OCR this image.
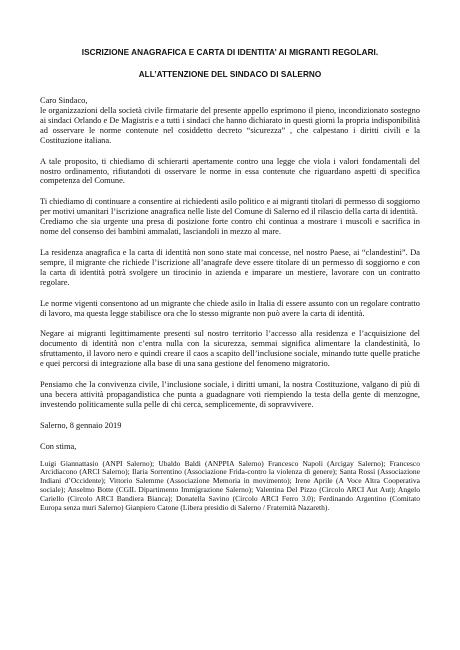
ISCRIZIONE ANAGRAFICA E CARTA DI IDENTITA’ AI MIGRANTI REGOLARI.

ALL’ATTENZIONE DEL SINDACO DI SALERNO

Caro Sindaco,

le organizzazioni della società civile firmatarie del presente appello esprimono il pieno, incondizionato sostegno ai sindaci Orlando e De Magistris e a tutti i sindaci che hanno dichiarato in questi giorni la propria indisponibilità ad osservare le norme contenute nel cosiddetto decreto “sicurezza” , che calpestano i diritti civili e la Costituzione italiana.

A tale proposito, ti chiediamo di schierarti apertamente contro una legge che viola i valori fondamentali del nostro ordinamento, rifiutandoti di osservare le norme in essa contenute che riguardano aspetti di specifica competenza del Comune.

Ti chiediamo di continuare a consentire ai richiedenti asilo politico e ai migranti titolari di permesso di soggiorno per motivi umanitari l’iscrizione anagrafica nelle liste del Comune di Salerno ed il rilascio della carta di identità.

Crediamo che sia urgente una presa di posizione forte contro chi continua a mostrare i muscoli e sacrifica in nome del consenso dei bambini ammalati, lasciandoli in mezzo al mare.

La residenza anagrafica e la carta di identità non sono state mai concesse, nel nostro Paese, ai “clandestini”. Da sempre, il migrante che richiede l’iscrizione all’anagrafe deve essere titolare di un permesso di soggiorno e con la carta di identità potrà svolgere un tirocinio in azienda e imparare un mestiere, lavorare con un contratto regolare.

Le norme vigenti consentono ad un migrante che chiede asilo in Italia di essere assunto con un regolare contratto di lavoro, ma questa legge stabilisce ora che lo stesso migrante non può avere la carta di identità.

Negare ai migranti legittimamente presenti sul nostro territorio l’accesso alla residenza e l’acquisizione del documento di identità non c’entra nulla con la sicurezza, semmai significa alimentare la clandestinità, lo sfruttamento, il lavoro nero e quindi creare il caos a scapito dell’inclusione sociale, minando tutte quelle pratiche e quei percorsi di integrazione alla base di una sana gestione del fenomeno migratorio.

Pensiamo che la convivenza civile, l’inclusione sociale, i diritti umani, la nostra Costituzione, valgano di più di una becera attività propagandistica che punta a guadagnare voti riempiendo la testa della gente di menzogne, investendo politicamente sulla pelle di chi cerca, semplicemente, di sopravvivere.

Salerno, 8 gennaio 2019

Con stima,

Luigi Giannattasio (ANPI Salerno); Ubaldo Baldi (ANPPIA Salerno) Francesco Napoli (Arcigay Salerno); Francesco Arcidiacono (ARCI Salerno); Ilaria Sorrentino (Associazione Frida-contro la violenza di genere); Santa Rossi (Associazione Indiani d’Occidente); Vittorio Salemme (Associazione Memoria in movimento); Irene Aprile (A Voce Altra Cooperativa sociale); Anselmo Botte (CGIL Dipartimento Immigrazione Salerno); Valentina Del Pizzo (Circolo ARCI Aut Aut); Angelo Cariello (Circolo ARCI Bandiera Bianca); Donatella Savino (Circolo ARCI Ferro 3.0); Ferdinando Argentino (Comitato Europa senza muri Salerno) Gianpiero Catone (Libera presidio di Salerno / Fraternità Nazareth).
